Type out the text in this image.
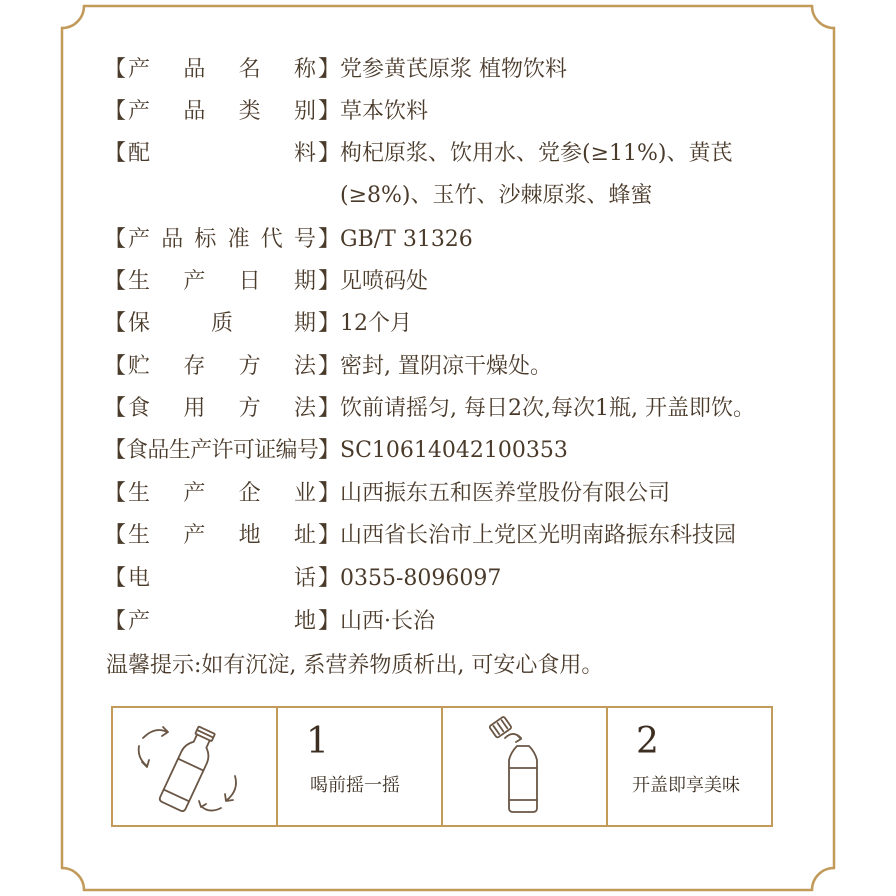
【 产 品 名 称 】 党参黄芪原浆 植物饮料
【 产 品 类 别 】 草本饮料
【 配	料 】 枸杞原浆、饮用水、党参(≥11%)、黄芪
(≥8%)、玉竹、沙棘原浆、蜂蜜
【 产 品 标 准 代 号 】 GB/T 31326
【 生 产 日 期 】 见喷码处
【 保	质	期 】 12个月
【 贮 存 方 法 】 密封, 置阴凉干燥处。
【 食 用 方 法 】 饮前请摇匀, 每日2次,每次1瓶, 开盖即饮。
【 食 品 生 产 许 可 证 编 号 】 SC10614042100353
【 生 产 企 业 】 山西振东五和医养堂股份有限公司
【 生 产 地 址 】 山西省长治市上党区光明南路振东科技园
【 电	话 】 0355-8096097
【 产	地 】 山西·长治
温馨提示:如有沉淀, 系营养物质析出, 可安心食用。
1
喝前摇一摇
2
开盖即享美味
